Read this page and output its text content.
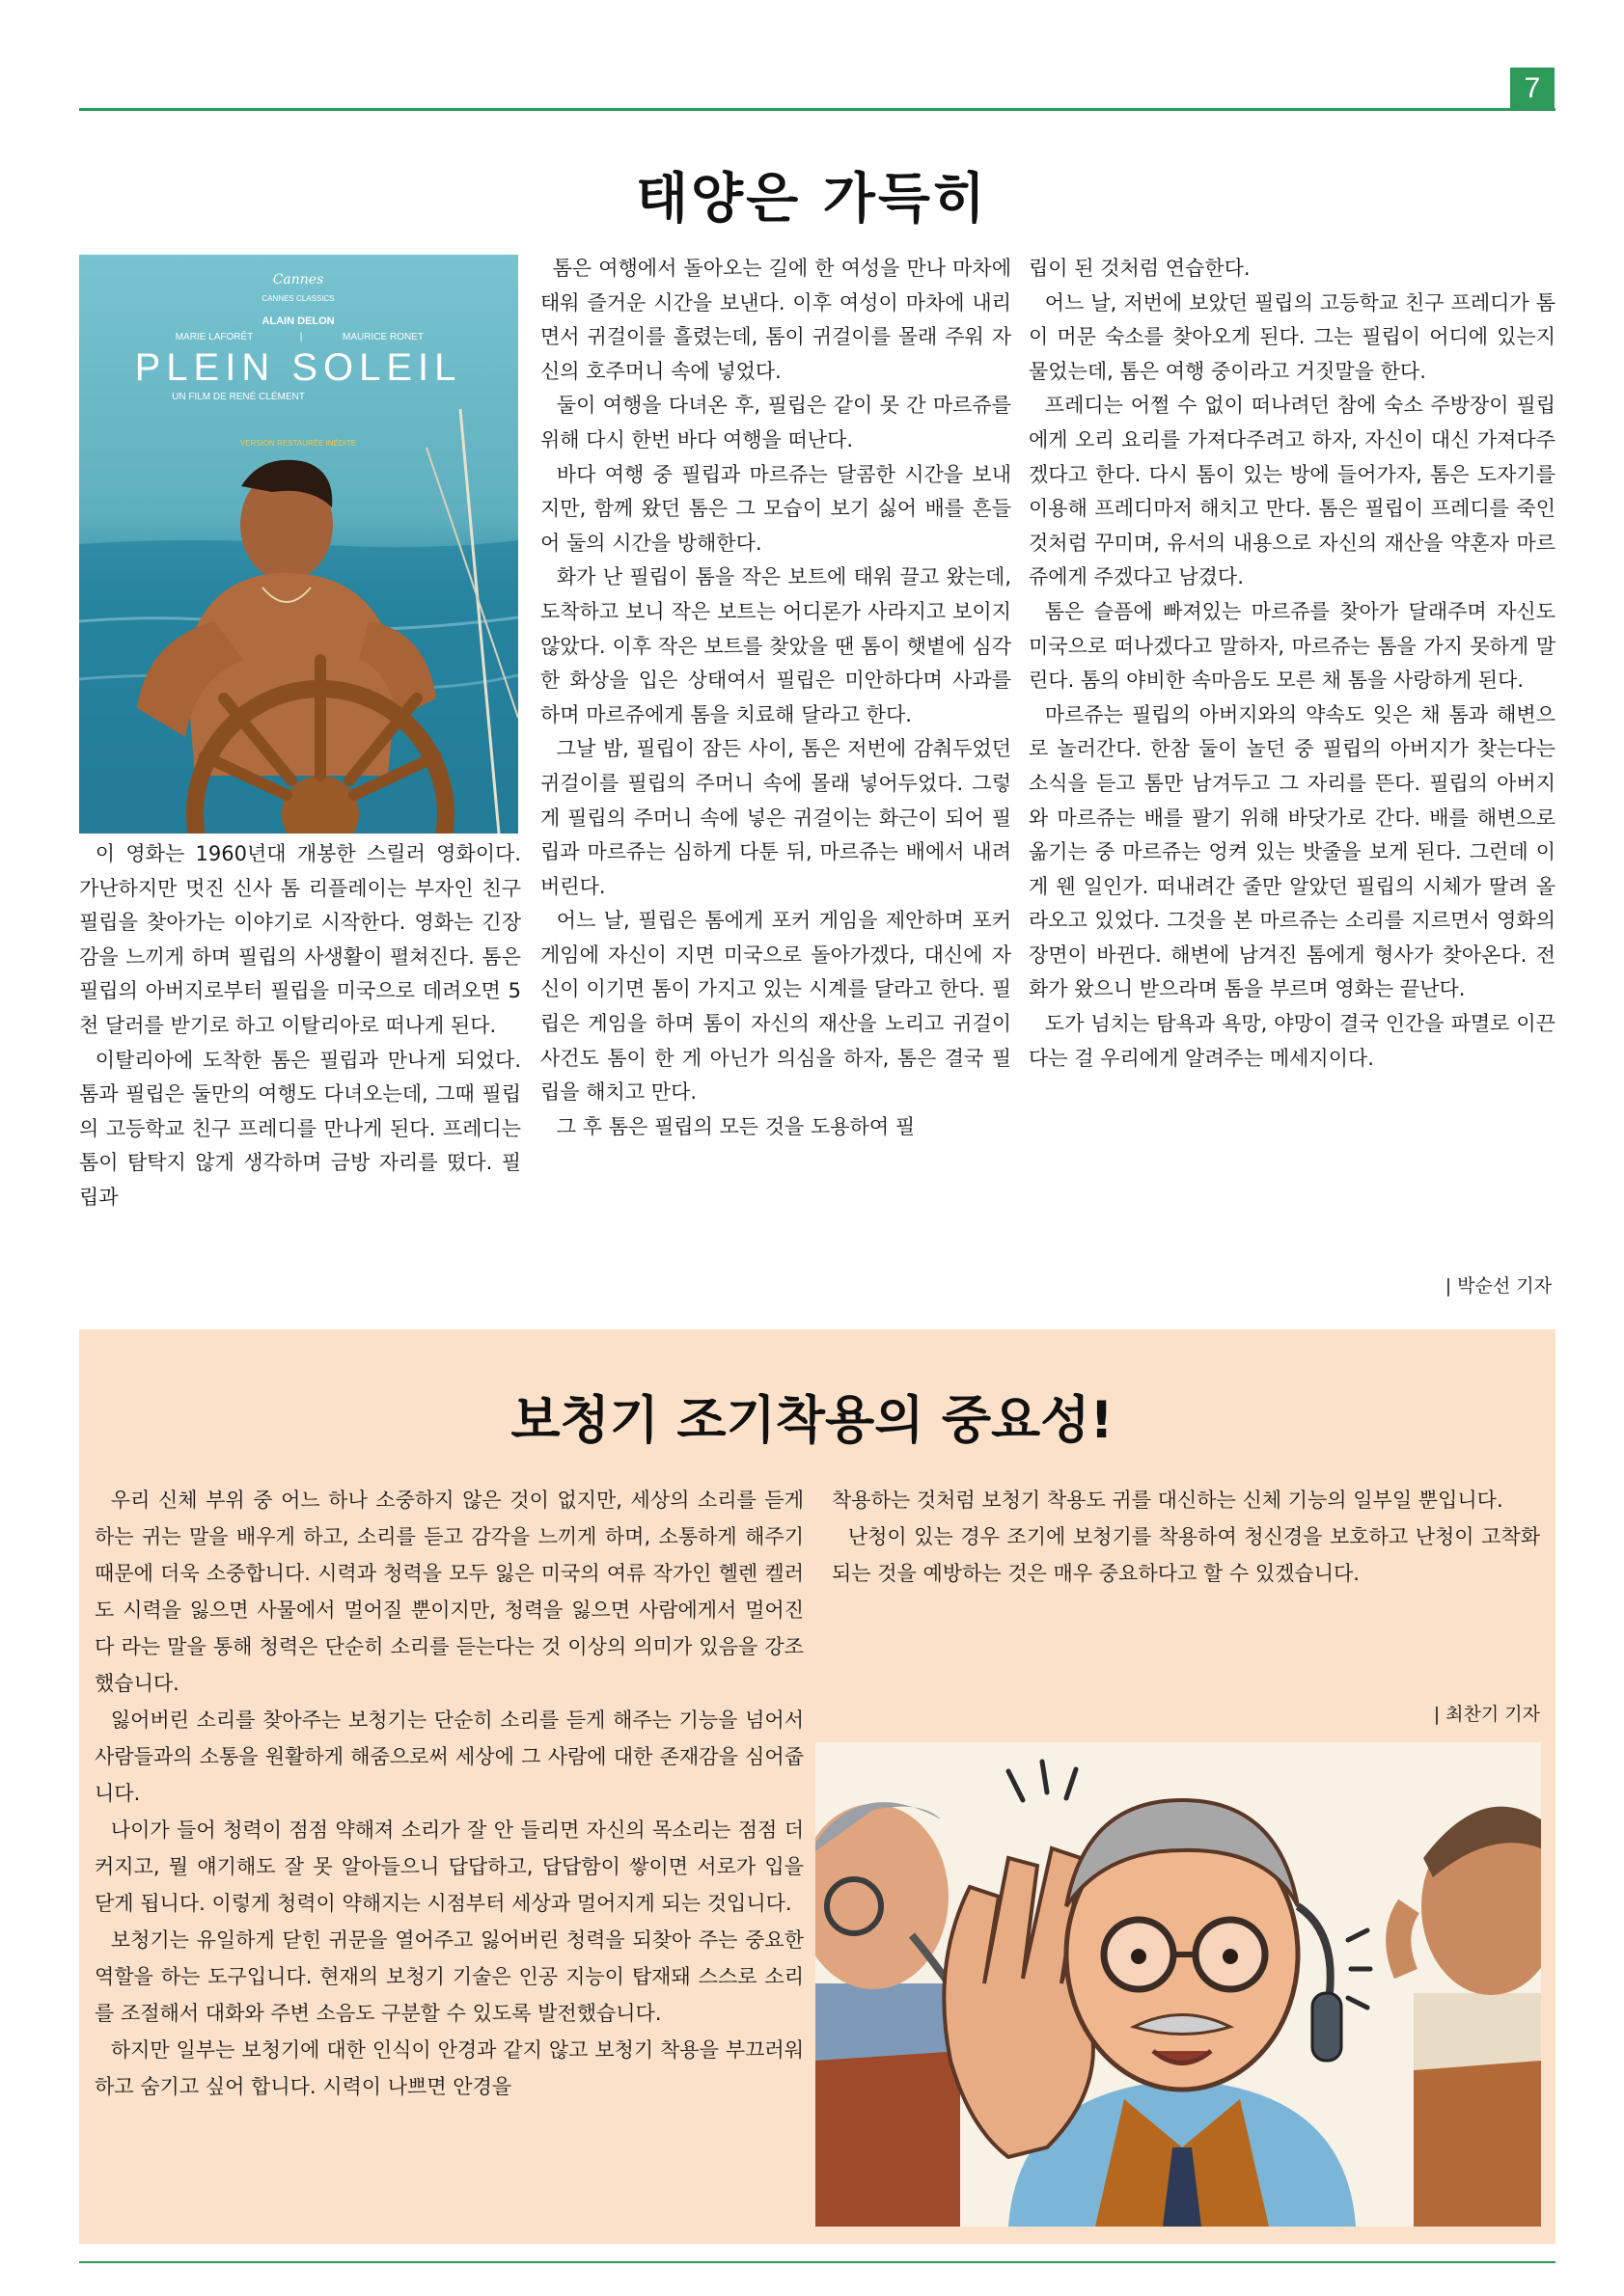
7
태양은 가득히
Cannes
CANNES CLASSICS
ALAIN DELON
MARIE LAFORÊT	|	MAURICE RONET
PLEIN SOLEIL
UN FILM DE RENÉ CLÉMENT
VERSION RESTAURÉE INÉDITE

이 영화는 1960년대 개봉한 스릴러 영화이다. 가난하지만 멋진 신사 톰 리플레이는 부자인 친구 필립을 찾아가는 이야기로 시작한다. 영화는 긴장감을 느끼게 하며 필립의 사생활이 펼쳐진다. 톰은 필립의 아버지로부터 필립을 미국으로 데려오면 5천 달러를 받기로 하고 이탈리아로 떠나게 된다.

이탈리아에 도착한 톰은 필립과 만나게 되었다. 톰과 필립은 둘만의 여행도 다녀오는데, 그때 필립의 고등학교 친구 프레디를 만나게 된다. 프레디는 톰이 탐탁지 않게 생각하며 금방 자리를 떴다. 필립과

톰은 여행에서 돌아오는 길에 한 여성을 만나 마차에 태워 즐거운 시간을 보낸다. 이후 여성이 마차에 내리면서 귀걸이를 흘렸는데, 톰이 귀걸이를 몰래 주워 자신의 호주머니 속에 넣었다.

둘이 여행을 다녀온 후, 필립은 같이 못 간 마르쥬를 위해 다시 한번 바다 여행을 떠난다.

바다 여행 중 필립과 마르쥬는 달콤한 시간을 보내지만, 함께 왔던 톰은 그 모습이 보기 싫어 배를 흔들어 둘의 시간을 방해한다.

화가 난 필립이 톰을 작은 보트에 태워 끌고 왔는데, 도착하고 보니 작은 보트는 어디론가 사라지고 보이지 않았다. 이후 작은 보트를 찾았을 땐 톰이 햇볕에 심각한 화상을 입은 상태여서 필립은 미안하다며 사과를 하며 마르쥬에게 톰을 치료해 달라고 한다.

그날 밤, 필립이 잠든 사이, 톰은 저번에 감춰두었던 귀걸이를 필립의 주머니 속에 몰래 넣어두었다. 그렇게 필립의 주머니 속에 넣은 귀걸이는 화근이 되어 필립과 마르쥬는 심하게 다툰 뒤, 마르쥬는 배에서 내려버린다.

어느 날, 필립은 톰에게 포커 게임을 제안하며 포커 게임에 자신이 지면 미국으로 돌아가겠다, 대신에 자신이 이기면 톰이 가지고 있는 시계를 달라고 한다. 필립은 게임을 하며 톰이 자신의 재산을 노리고 귀걸이 사건도 톰이 한 게 아닌가 의심을 하자, 톰은 결국 필립을 해치고 만다.

그 후 톰은 필립의 모든 것을 도용하여 필

립이 된 것처럼 연습한다.

어느 날, 저번에 보았던 필립의 고등학교 친구 프레디가 톰이 머문 숙소를 찾아오게 된다. 그는 필립이 어디에 있는지 물었는데, 톰은 여행 중이라고 거짓말을 한다.

프레디는 어쩔 수 없이 떠나려던 참에 숙소 주방장이 필립에게 오리 요리를 가져다주려고 하자, 자신이 대신 가져다주겠다고 한다. 다시 톰이 있는 방에 들어가자, 톰은 도자기를 이용해 프레디마저 해치고 만다. 톰은 필립이 프레디를 죽인 것처럼 꾸미며, 유서의 내용으로 자신의 재산을 약혼자 마르쥬에게 주겠다고 남겼다.

톰은 슬픔에 빠져있는 마르쥬를 찾아가 달래주며 자신도 미국으로 떠나겠다고 말하자, 마르쥬는 톰을 가지 못하게 말린다. 톰의 야비한 속마음도 모른 채 톰을 사랑하게 된다.

마르쥬는 필립의 아버지와의 약속도 잊은 채 톰과 해변으로 놀러간다. 한참 둘이 놀던 중 필립의 아버지가 찾는다는 소식을 듣고 톰만 남겨두고 그 자리를 뜬다. 필립의 아버지와 마르쥬는 배를 팔기 위해 바닷가로 간다. 배를 해변으로 옮기는 중 마르쥬는 엉켜 있는 밧줄을 보게 된다. 그런데 이게 웬 일인가. 떠내려간 줄만 알았던 필립의 시체가 딸려 올라오고 있었다. 그것을 본 마르쥬는 소리를 지르면서 영화의 장면이 바뀐다. 해변에 남겨진 톰에게 형사가 찾아온다. 전화가 왔으니 받으라며 톰을 부르며 영화는 끝난다.

도가 넘치는 탐욕과 욕망, 야망이 결국 인간을 파멸로 이끈다는 걸 우리에게 알려주는 메세지이다.

| 박순선 기자
보청기 조기착용의 중요성!

우리 신체 부위 중 어느 하나 소중하지 않은 것이 없지만, 세상의 소리를 듣게 하는 귀는 말을 배우게 하고, 소리를 듣고 감각을 느끼게 하며, 소통하게 해주기 때문에 더욱 소중합니다. 시력과 청력을 모두 잃은 미국의 여류 작가인 헬렌 켈러도 시력을 잃으면 사물에서 멀어질 뿐이지만, 청력을 잃으면 사람에게서 멀어진다 라는 말을 통해 청력은 단순히 소리를 듣는다는 것 이상의 의미가 있음을 강조했습니다.

잃어버린 소리를 찾아주는 보청기는 단순히 소리를 듣게 해주는 기능을 넘어서 사람들과의 소통을 원활하게 해줌으로써 세상에 그 사람에 대한 존재감을 심어줍니다.

나이가 들어 청력이 점점 약해져 소리가 잘 안 들리면 자신의 목소리는 점점 더 커지고, 뭘 얘기해도 잘 못 알아들으니 답답하고, 답답함이 쌓이면 서로가 입을 닫게 됩니다. 이렇게 청력이 약해지는 시점부터 세상과 멀어지게 되는 것입니다.

보청기는 유일하게 닫힌 귀문을 열어주고 잃어버린 청력을 되찾아 주는 중요한 역할을 하는 도구입니다. 현재의 보청기 기술은 인공 지능이 탑재돼 스스로 소리를 조절해서 대화와 주변 소음도 구분할 수 있도록 발전했습니다.

하지만 일부는 보청기에 대한 인식이 안경과 같지 않고 보청기 착용을 부끄러워하고 숨기고 싶어 합니다. 시력이 나쁘면 안경을

착용하는 것처럼 보청기 착용도 귀를 대신하는 신체 기능의 일부일 뿐입니다.

난청이 있는 경우 조기에 보청기를 착용하여 청신경을 보호하고 난청이 고착화되는 것을 예방하는 것은 매우 중요하다고 할 수 있겠습니다.

| 최찬기 기자
